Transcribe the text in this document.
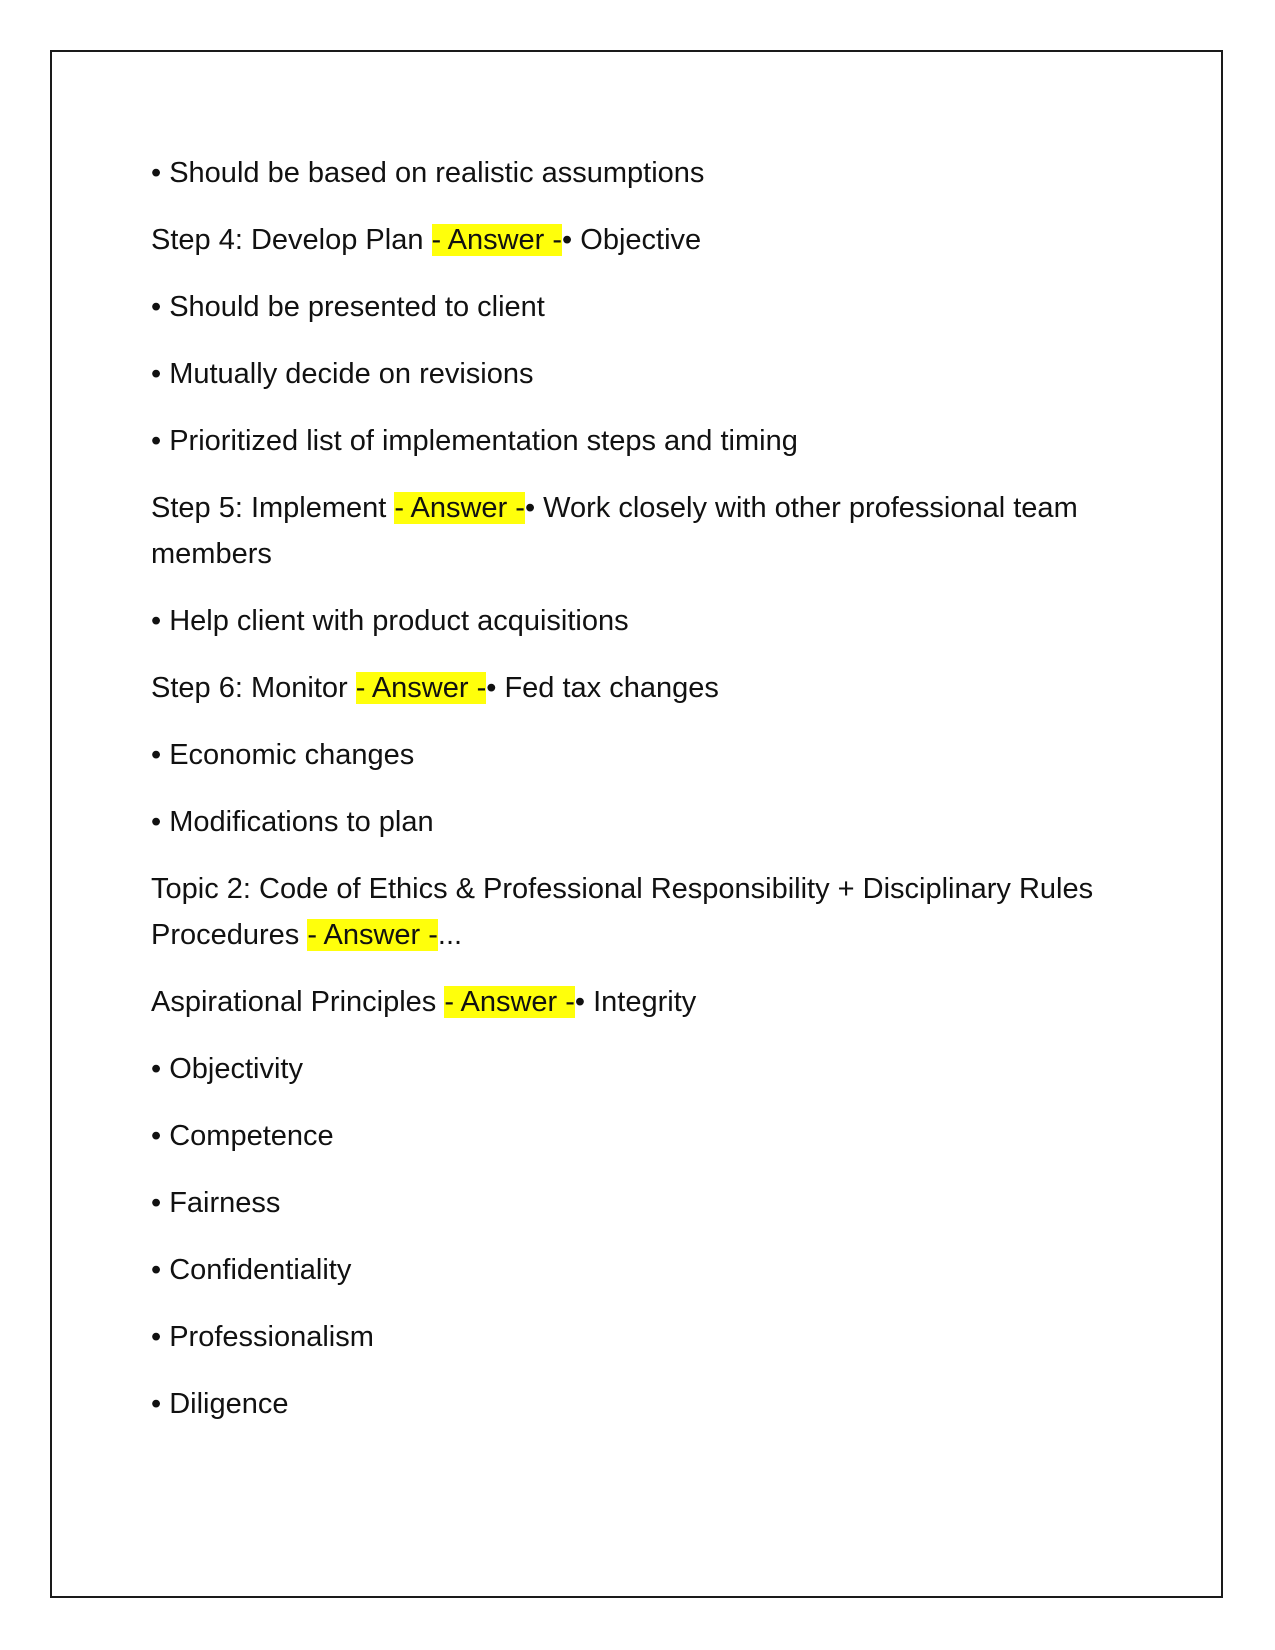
• Should be based on realistic assumptions

Step 4: Develop Plan - Answer -• Objective

• Should be presented to client

• Mutually decide on revisions

• Prioritized list of implementation steps and timing

Step 5: Implement - Answer -• Work closely with other professional team members

• Help client with product acquisitions

Step 6: Monitor - Answer -• Fed tax changes

• Economic changes

• Modifications to plan

Topic 2: Code of Ethics & Professional Responsibility + Disciplinary Rules Procedures - Answer -...

Aspirational Principles - Answer -• Integrity

• Objectivity

• Competence

• Fairness

• Confidentiality

• Professionalism

• Diligence
